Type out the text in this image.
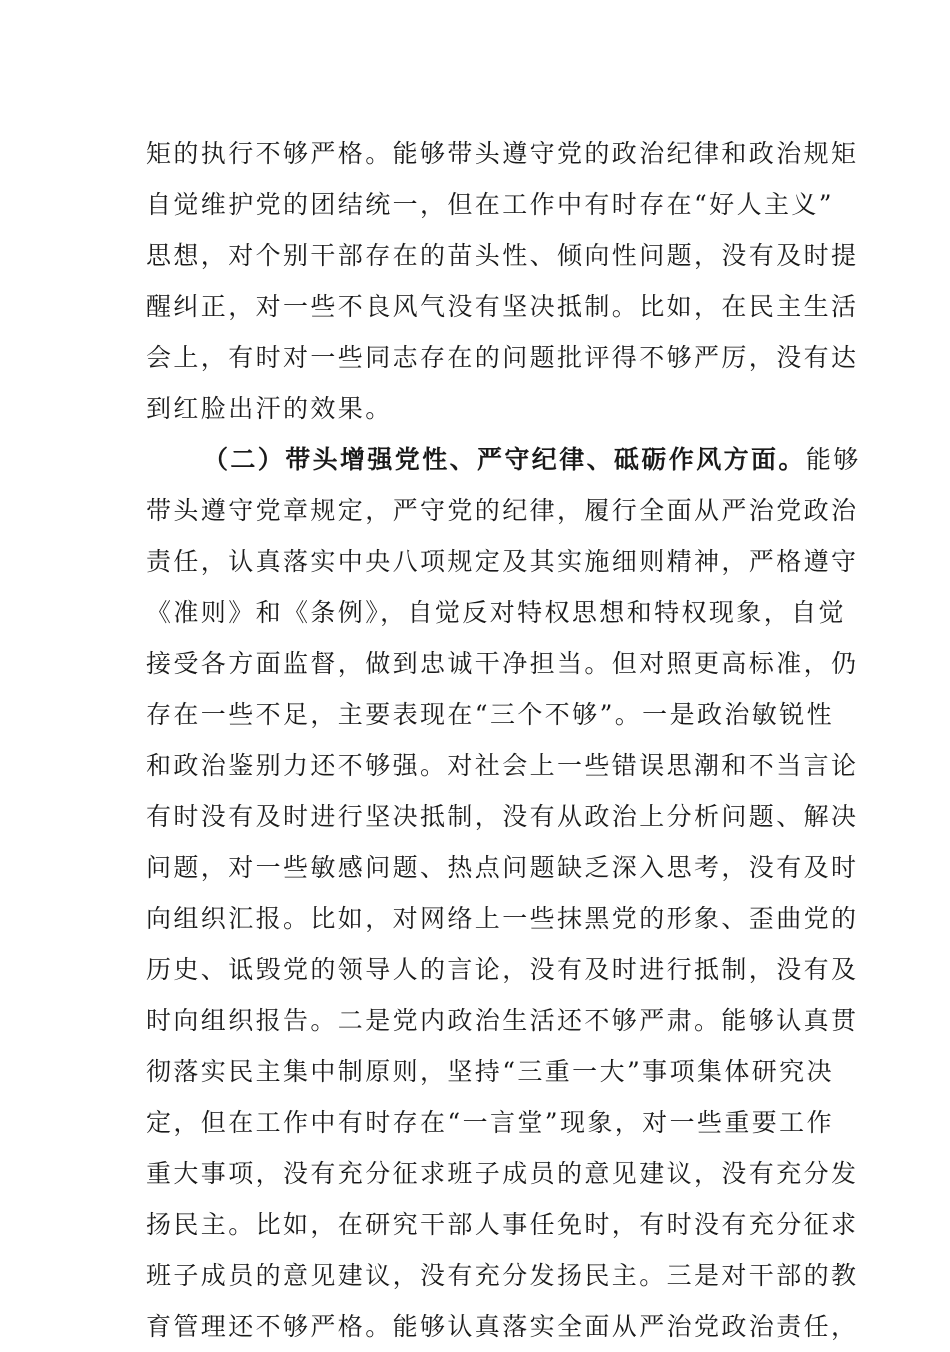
矩的执行不够严格。能够带头遵守党的政治纪律和政治规矩
自觉维护党的团结统一，但在工作中有时存在“好人主义”
思想，对个别干部存在的苗头性、倾向性问题，没有及时提
醒纠正，对一些不良风气没有坚决抵制。比如，在民主生活
会上，有时对一些同志存在的问题批评得不够严厉，没有达
到红脸出汗的效果。
（二）带头增强党性、严守纪律、砥砺作风方面。能够
带头遵守党章规定，严守党的纪律，履行全面从严治党政治
责任，认真落实中央八项规定及其实施细则精神，严格遵守
《准则》和《条例》，自觉反对特权思想和特权现象，自觉
接受各方面监督，做到忠诚干净担当。但对照更高标准，仍
存在一些不足，主要表现在“三个不够”。一是政治敏锐性
和政治鉴别力还不够强。对社会上一些错误思潮和不当言论
有时没有及时进行坚决抵制，没有从政治上分析问题、解决
问题，对一些敏感问题、热点问题缺乏深入思考，没有及时
向组织汇报。比如，对网络上一些抹黑党的形象、歪曲党的
历史、诋毁党的领导人的言论，没有及时进行抵制，没有及
时向组织报告。二是党内政治生活还不够严肃。能够认真贯
彻落实民主集中制原则，坚持“三重一大”事项集体研究决
定，但在工作中有时存在“一言堂”现象，对一些重要工作
重大事项，没有充分征求班子成员的意见建议，没有充分发
扬民主。比如，在研究干部人事任免时，有时没有充分征求
班子成员的意见建议，没有充分发扬民主。三是对干部的教
育管理还不够严格。能够认真落实全面从严治党政治责任，
